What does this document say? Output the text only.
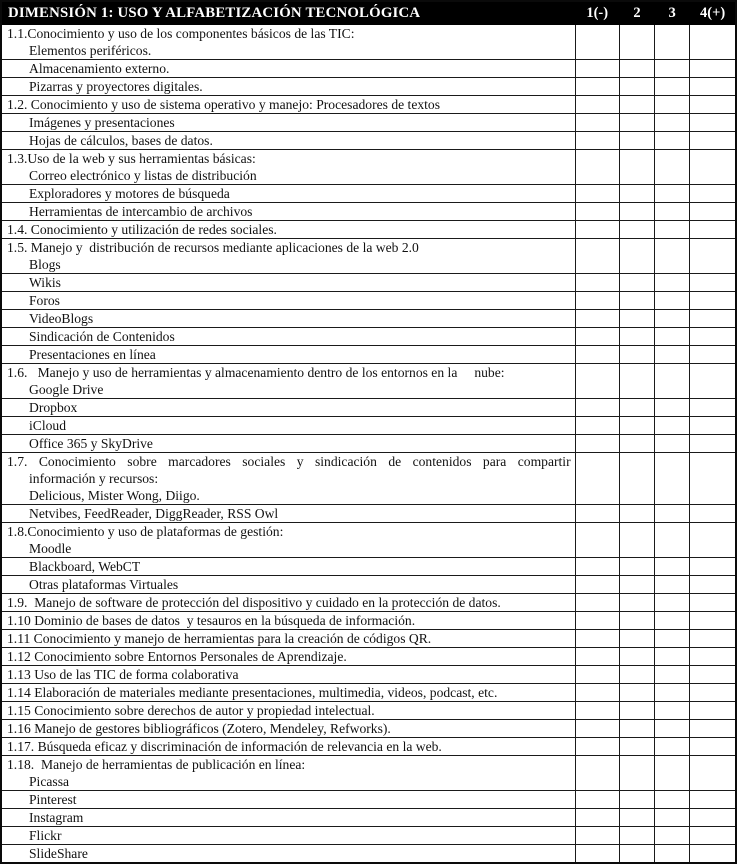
DIMENSIÓN 1: USO Y ALFABETIZACIÓN TECNOLÓGICA	1(-)	2	3	4(+)

1.1.Conocimiento y uso de los componentes básicos de las TIC:
Elementos periféricos.				

Almacenamiento externo.				

Pizarras y proyectores digitales.				

1.2. Conocimiento y uso de sistema operativo y manejo: Procesadores de textos				

Imágenes y presentaciones				

Hojas de cálculos, bases de datos.				

1.3.Uso de la web y sus herramientas básicas:
Correo electrónico y listas de distribución				

Exploradores y motores de búsqueda				

Herramientas de intercambio de archivos				

1.4. Conocimiento y utilización de redes sociales.				

1.5. Manejo y  distribución de recursos mediante aplicaciones de la web 2.0
Blogs				

Wikis				

Foros				

VideoBlogs				

Sindicación de Contenidos				

Presentaciones en línea				

1.6.   Manejo y uso de herramientas y almacenamiento dentro de los entornos en la     nube:
Google Drive				

Dropbox				

iCloud				

Office 365 y SkyDrive				

1.7. Conocimiento sobre marcadores sociales y sindicación de contenidos para compartir
información y recursos:
Delicious, Mister Wong, Diigo.				

Netvibes, FeedReader, DiggReader, RSS Owl				

1.8.Conocimiento y uso de plataformas de gestión:
Moodle				

Blackboard, WebCT				

Otras plataformas Virtuales				

1.9.  Manejo de software de protección del dispositivo y cuidado en la protección de datos.				

1.10 Dominio de bases de datos  y tesauros en la búsqueda de información.				

1.11 Conocimiento y manejo de herramientas para la creación de códigos QR.				

1.12 Conocimiento sobre Entornos Personales de Aprendizaje.				

1.13 Uso de las TIC de forma colaborativa				

1.14 Elaboración de materiales mediante presentaciones, multimedia, videos, podcast, etc.				

1.15 Conocimiento sobre derechos de autor y propiedad intelectual.				

1.16 Manejo de gestores bibliográficos (Zotero, Mendeley, Refworks).				

1.17. Búsqueda eficaz y discriminación de información de relevancia en la web.				

1.18.  Manejo de herramientas de publicación en línea:
Picassa				

Pinterest				

Instagram				

Flickr				

SlideShare				
